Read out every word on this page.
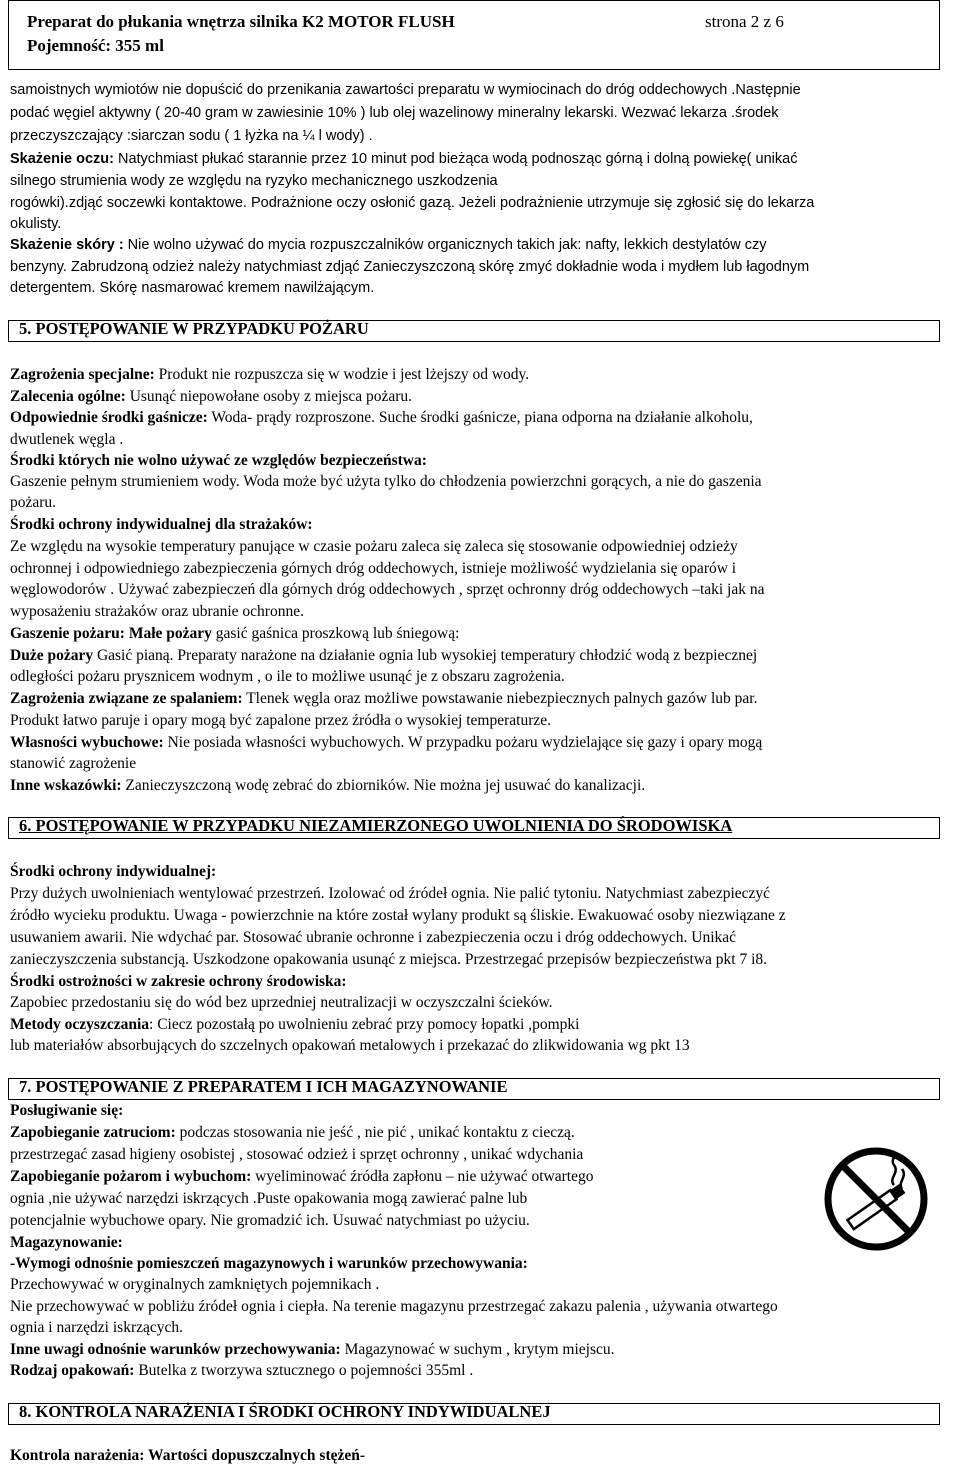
Preparat do płukania wnętrza silnika K2 MOTOR FLUSH	strona 2 z 6
Pojemność: 355 ml
samoistnych wymiotów nie dopuścić do przenikania zawartości preparatu w wymiocinach do dróg oddechowych .Następnie
podać węgiel aktywny ( 20-40 gram w zawiesinie 10% ) lub olej wazelinowy mineralny lekarski. Wezwać lekarza .środek
przeczyszczający :siarczan sodu ( 1 łyżka na ¼ l wody) .
Skażenie oczu: Natychmiast płukać starannie przez 10 minut pod bieżąca wodą podnosząc górną i dolną powiekę( unikać
silnego strumienia wody ze względu na ryzyko mechanicznego uszkodzenia
rogówki).zdjąć soczewki kontaktowe. Podrażnione oczy osłonić gazą. Jeżeli podrażnienie utrzymuje się zgłosić się do lekarza
okulisty.
Skażenie skóry : Nie wolno używać do mycia rozpuszczalników organicznych takich jak: nafty, lekkich destylatów czy
benzyny. Zabrudzoną odzież należy natychmiast zdjąć Zanieczyszczoną skórę zmyć dokładnie woda i mydłem lub łagodnym
detergentem. Skórę nasmarować kremem nawilżającym.
5. POSTĘPOWANIE W PRZYPADKU POŻARU
Zagrożenia specjalne: Produkt nie rozpuszcza się w wodzie i jest lżejszy od wody.
Zalecenia ogólne: Usunąć niepowołane osoby z miejsca pożaru.
Odpowiednie środki gaśnicze: Woda- prądy rozproszone. Suche środki gaśnicze, piana odporna na działanie alkoholu,
dwutlenek węgla .
Środki których nie wolno używać ze względów bezpieczeństwa:
Gaszenie pełnym strumieniem wody. Woda może być użyta tylko do chłodzenia powierzchni gorących, a nie do gaszenia
pożaru.
Środki ochrony indywidualnej dla strażaków:
Ze względu na wysokie temperatury panujące w czasie pożaru zaleca się zaleca się stosowanie odpowiedniej odzieży
ochronnej i odpowiedniego zabezpieczenia górnych dróg oddechowych, istnieje możliwość wydzielania się oparów i
węglowodorów . Używać zabezpieczeń dla górnych dróg oddechowych , sprzęt ochronny dróg oddechowych –taki jak na
wyposażeniu strażaków oraz ubranie ochronne.
Gaszenie pożaru: Małe pożary gasić gaśnica proszkową lub śniegową:
Duże pożary Gasić pianą. Preparaty narażone na działanie ognia lub wysokiej temperatury chłodzić wodą z bezpiecznej
odległości pożaru prysznicem wodnym , o ile to możliwe usunąć je z obszaru zagrożenia.
Zagrożenia związane ze spalaniem: Tlenek węgla oraz możliwe powstawanie niebezpiecznych palnych gazów lub par.
Produkt łatwo paruje i opary mogą być zapalone przez źródła o wysokiej temperaturze.
Własności wybuchowe: Nie posiada własności wybuchowych. W przypadku pożaru wydzielające się gazy i opary mogą
stanowić zagrożenie
Inne wskazówki: Zanieczyszczoną wodę zebrać do zbiorników. Nie można jej usuwać do kanalizacji.
6. POSTĘPOWANIE W PRZYPADKU NIEZAMIERZONEGO UWOLNIENIA DO ŚRODOWISKA
Środki ochrony indywidualnej:
Przy dużych uwolnieniach wentylować przestrzeń. Izolować od źródeł ognia. Nie palić tytoniu. Natychmiast zabezpieczyć
źródło wycieku produktu. Uwaga - powierzchnie na które został wylany produkt są śliskie. Ewakuować osoby niezwiązane z
usuwaniem awarii. Nie wdychać par. Stosować ubranie ochronne i zabezpieczenia oczu i dróg oddechowych. Unikać
zanieczyszczenia substancją. Uszkodzone opakowania usunąć z miejsca. Przestrzegać przepisów bezpieczeństwa pkt 7 i8.
Środki ostrożności w zakresie ochrony środowiska:
Zapobiec przedostaniu się do wód bez uprzedniej neutralizacji w oczyszczalni ścieków.
Metody oczyszczania: Ciecz pozostałą po uwolnieniu zebrać przy pomocy łopatki ,pompki
lub materiałów absorbujących do szczelnych opakowań metalowych i przekazać do zlikwidowania wg pkt 13
7. POSTĘPOWANIE Z PREPARATEM I ICH MAGAZYNOWANIE
Posługiwanie się:
Zapobieganie zatruciom: podczas stosowania nie jeść , nie pić , unikać kontaktu z cieczą.
przestrzegać zasad higieny osobistej , stosować odzież i sprzęt ochronny , unikać wdychania
Zapobieganie pożarom i wybuchom: wyeliminować źródła zapłonu – nie używać otwartego
ognia ,nie używać narzędzi iskrzących .Puste opakowania mogą zawierać palne lub
potencjalnie wybuchowe opary. Nie gromadzić ich. Usuwać natychmiast po użyciu.
Magazynowanie:
-Wymogi odnośnie pomieszczeń magazynowych i warunków przechowywania:
Przechowywać w oryginalnych zamkniętych pojemnikach .
Nie przechowywać w pobliżu źródeł ognia i ciepła. Na terenie magazynu przestrzegać zakazu palenia , używania otwartego
ognia i narzędzi iskrzących.
Inne uwagi odnośnie warunków przechowywania: Magazynować w suchym , krytym miejscu.
Rodzaj opakowań: Butelka z tworzywa sztucznego o pojemności 355ml .
8. KONTROLA NARAŻENIA I ŚRODKI OCHRONY INDYWIDUALNEJ
Kontrola narażenia: Wartości dopuszczalnych stężeń-
